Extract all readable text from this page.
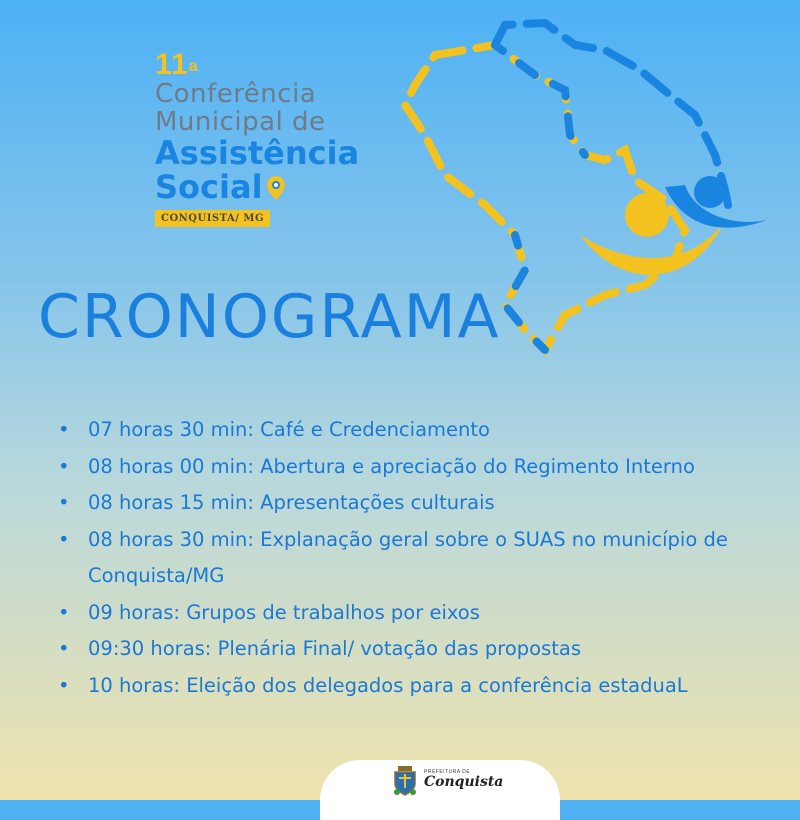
11$^a$
Conferência
Municipal de
Assistência
Social
CONQUISTA/ MG
CRONOGRAMA
• 07 horas 30 min: Café e Credenciamento
• 08 horas 00 min: Abertura e apreciação do Regimento Interno
• 08 horas 15 min: Apresentações culturais
• 08 horas 30 min: Explanação geral sobre o SUAS no município de Conquista/MG
• 09 horas: Grupos de trabalhos por eixos
• 09:30 horas: Plenária Final/ votação das propostas
• 10 horas: Eleição dos delegados para a conferência estaduaL
PREFEITURA DE
Conquista
